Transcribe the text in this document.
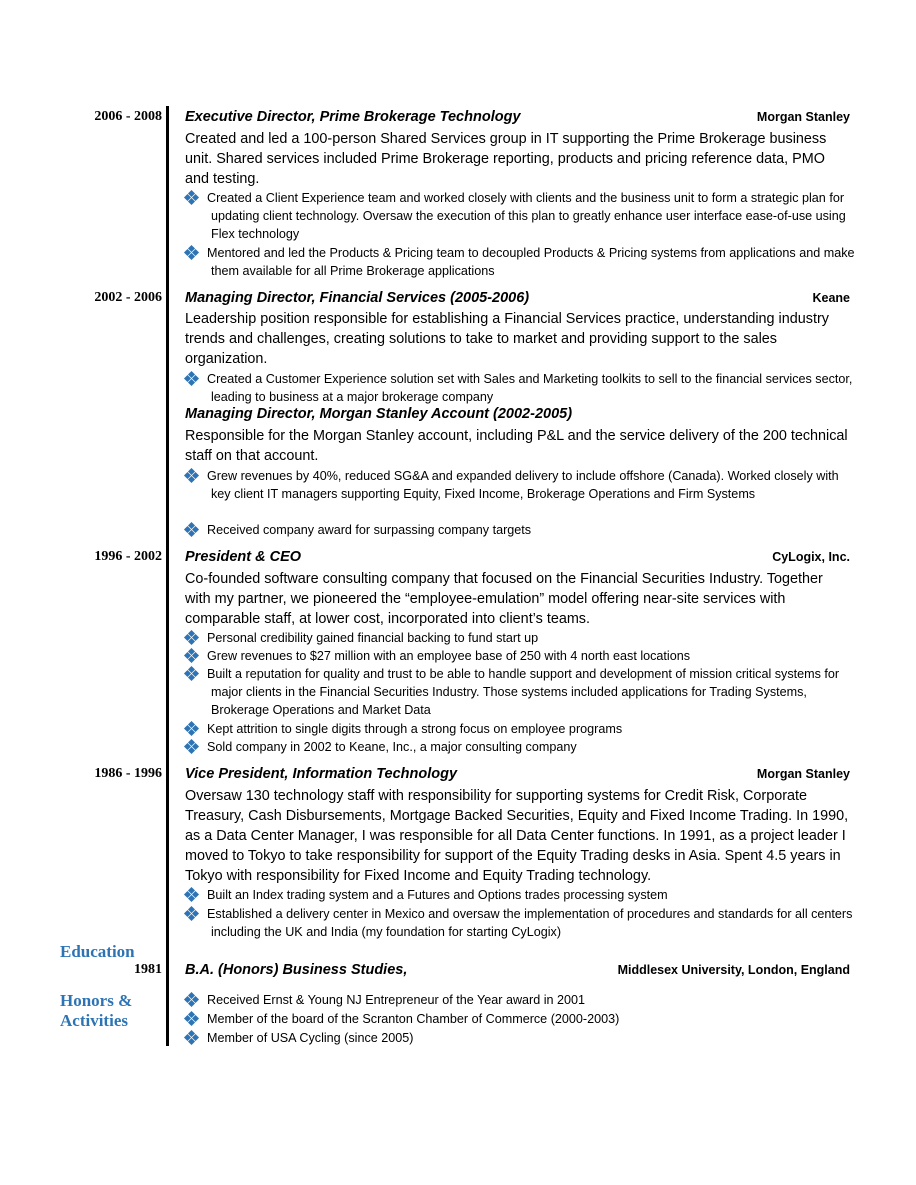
2006 - 2008 Executive Director, Prime Brokerage Technology	Morgan Stanley
Created and led a 100-person Shared Services group in IT supporting the Prime Brokerage business unit. Shared services included Prime Brokerage reporting, products and pricing reference data, PMO and testing.
Created a Client Experience team and worked closely with clients and the business unit to form a strategic plan for updating client technology. Oversaw the execution of this plan to greatly enhance user interface ease-of-use using Flex technology
Mentored and led the Products & Pricing team to decoupled Products & Pricing systems from applications and make them available for all Prime Brokerage applications
2002 - 2006 Managing Director, Financial Services (2005-2006)	Keane
Leadership position responsible for establishing a Financial Services practice, understanding industry trends and challenges, creating solutions to take to market and providing support to the sales organization.
Created a Customer Experience solution set with Sales and Marketing toolkits to sell to the financial services sector, leading to business at a major brokerage company
Managing Director, Morgan Stanley Account (2002-2005)
Responsible for the Morgan Stanley account, including P&L and the service delivery of the 200 technical staff on that account.
Grew revenues by 40%, reduced SG&A and expanded delivery to include offshore (Canada). Worked closely with key client IT managers supporting Equity, Fixed Income, Brokerage Operations and Firm Systems
Received company award for surpassing company targets
1996 - 2002 President & CEO	CyLogix, Inc.
Co-founded software consulting company that focused on the Financial Securities Industry. Together with my partner, we pioneered the “employee-emulation” model offering near-site services with comparable staff, at lower cost, incorporated into client’s teams.
Personal credibility gained financial backing to fund start up
Grew revenues to $27 million with an employee base of 250 with 4 north east locations
Built a reputation for quality and trust to be able to handle support and development of mission critical systems for major clients in the Financial Securities Industry. Those systems included applications for Trading Systems, Brokerage Operations and Market Data
Kept attrition to single digits through a strong focus on employee programs
Sold company in 2002 to Keane, Inc., a major consulting company
1986 - 1996 Vice President, Information Technology	Morgan Stanley
Oversaw 130 technology staff with responsibility for supporting systems for Credit Risk, Corporate Treasury, Cash Disbursements, Mortgage Backed Securities, Equity and Fixed Income Trading. In 1990, as a Data Center Manager, I was responsible for all Data Center functions. In 1991, as a project leader I moved to Tokyo to take responsibility for support of the Equity Trading desks in Asia. Spent 4.5 years in Tokyo with responsibility for Fixed Income and Equity Trading technology.
Built an Index trading system and a Futures and Options trades processing system
Established a delivery center in Mexico and oversaw the implementation of procedures and standards for all centers including the UK and India (my foundation for starting CyLogix)
Education
1981 B.A. (Honors) Business Studies,	Middlesex University, London, England
Honors &
Activities
Received Ernst & Young NJ Entrepreneur of the Year award in 2001
Member of the board of the Scranton Chamber of Commerce (2000-2003)
Member of USA Cycling (since 2005)
